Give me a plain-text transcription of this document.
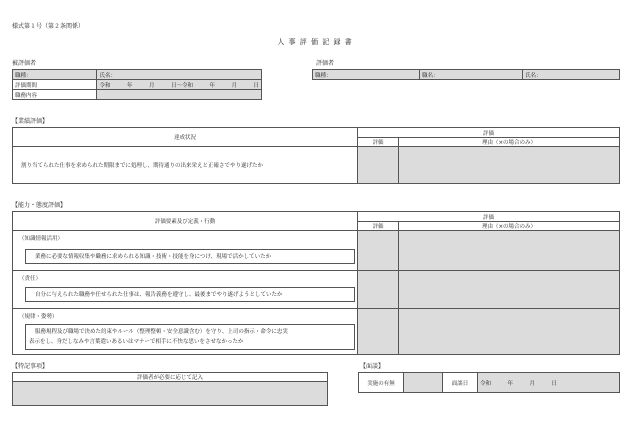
様式第１号（第２条関係）
人 事 評 価 記 録 書
被評価者
職種：	氏名：
評価期間	令和　　　年　　　月　　　日～令和　　　年　　　月　　　日
職務内容	
評価者
職種：	職名：	氏名：
【業績評価】
達成状況	評価	
	評価	理由（×の場合のみ）
割り当てられた仕事を求められた期限までに処理し、期待通りの出来栄えと正確さでやり遂げたか		
【能力・態度評価】
評価要素及び定義・行動	評価	
	評価	理由（×の場合のみ）

（知識情報活用）
業務に必要な情報収集や職務に求められる知識・技術・技能を身につけ、現場で活かしていたか		

（責任）
自分に与えられた職務や任せられた仕事は、報告義務を遵守し、最後までやり遂げようとしていたか		

（規律・姿勢）
服務規程及び職場で決めた約束やルール（整理整頓・安全意識含む）を守り、上司の指示・命令に忠実
表示をし、身だしなみや言葉遣いあるいはマナーで相手に不快な思いをさせなかったか		

【特記事項】
評価者が必要に応じて記入

【面談】
実施の有無		面談日	令和　　　年　　　月　　　日
